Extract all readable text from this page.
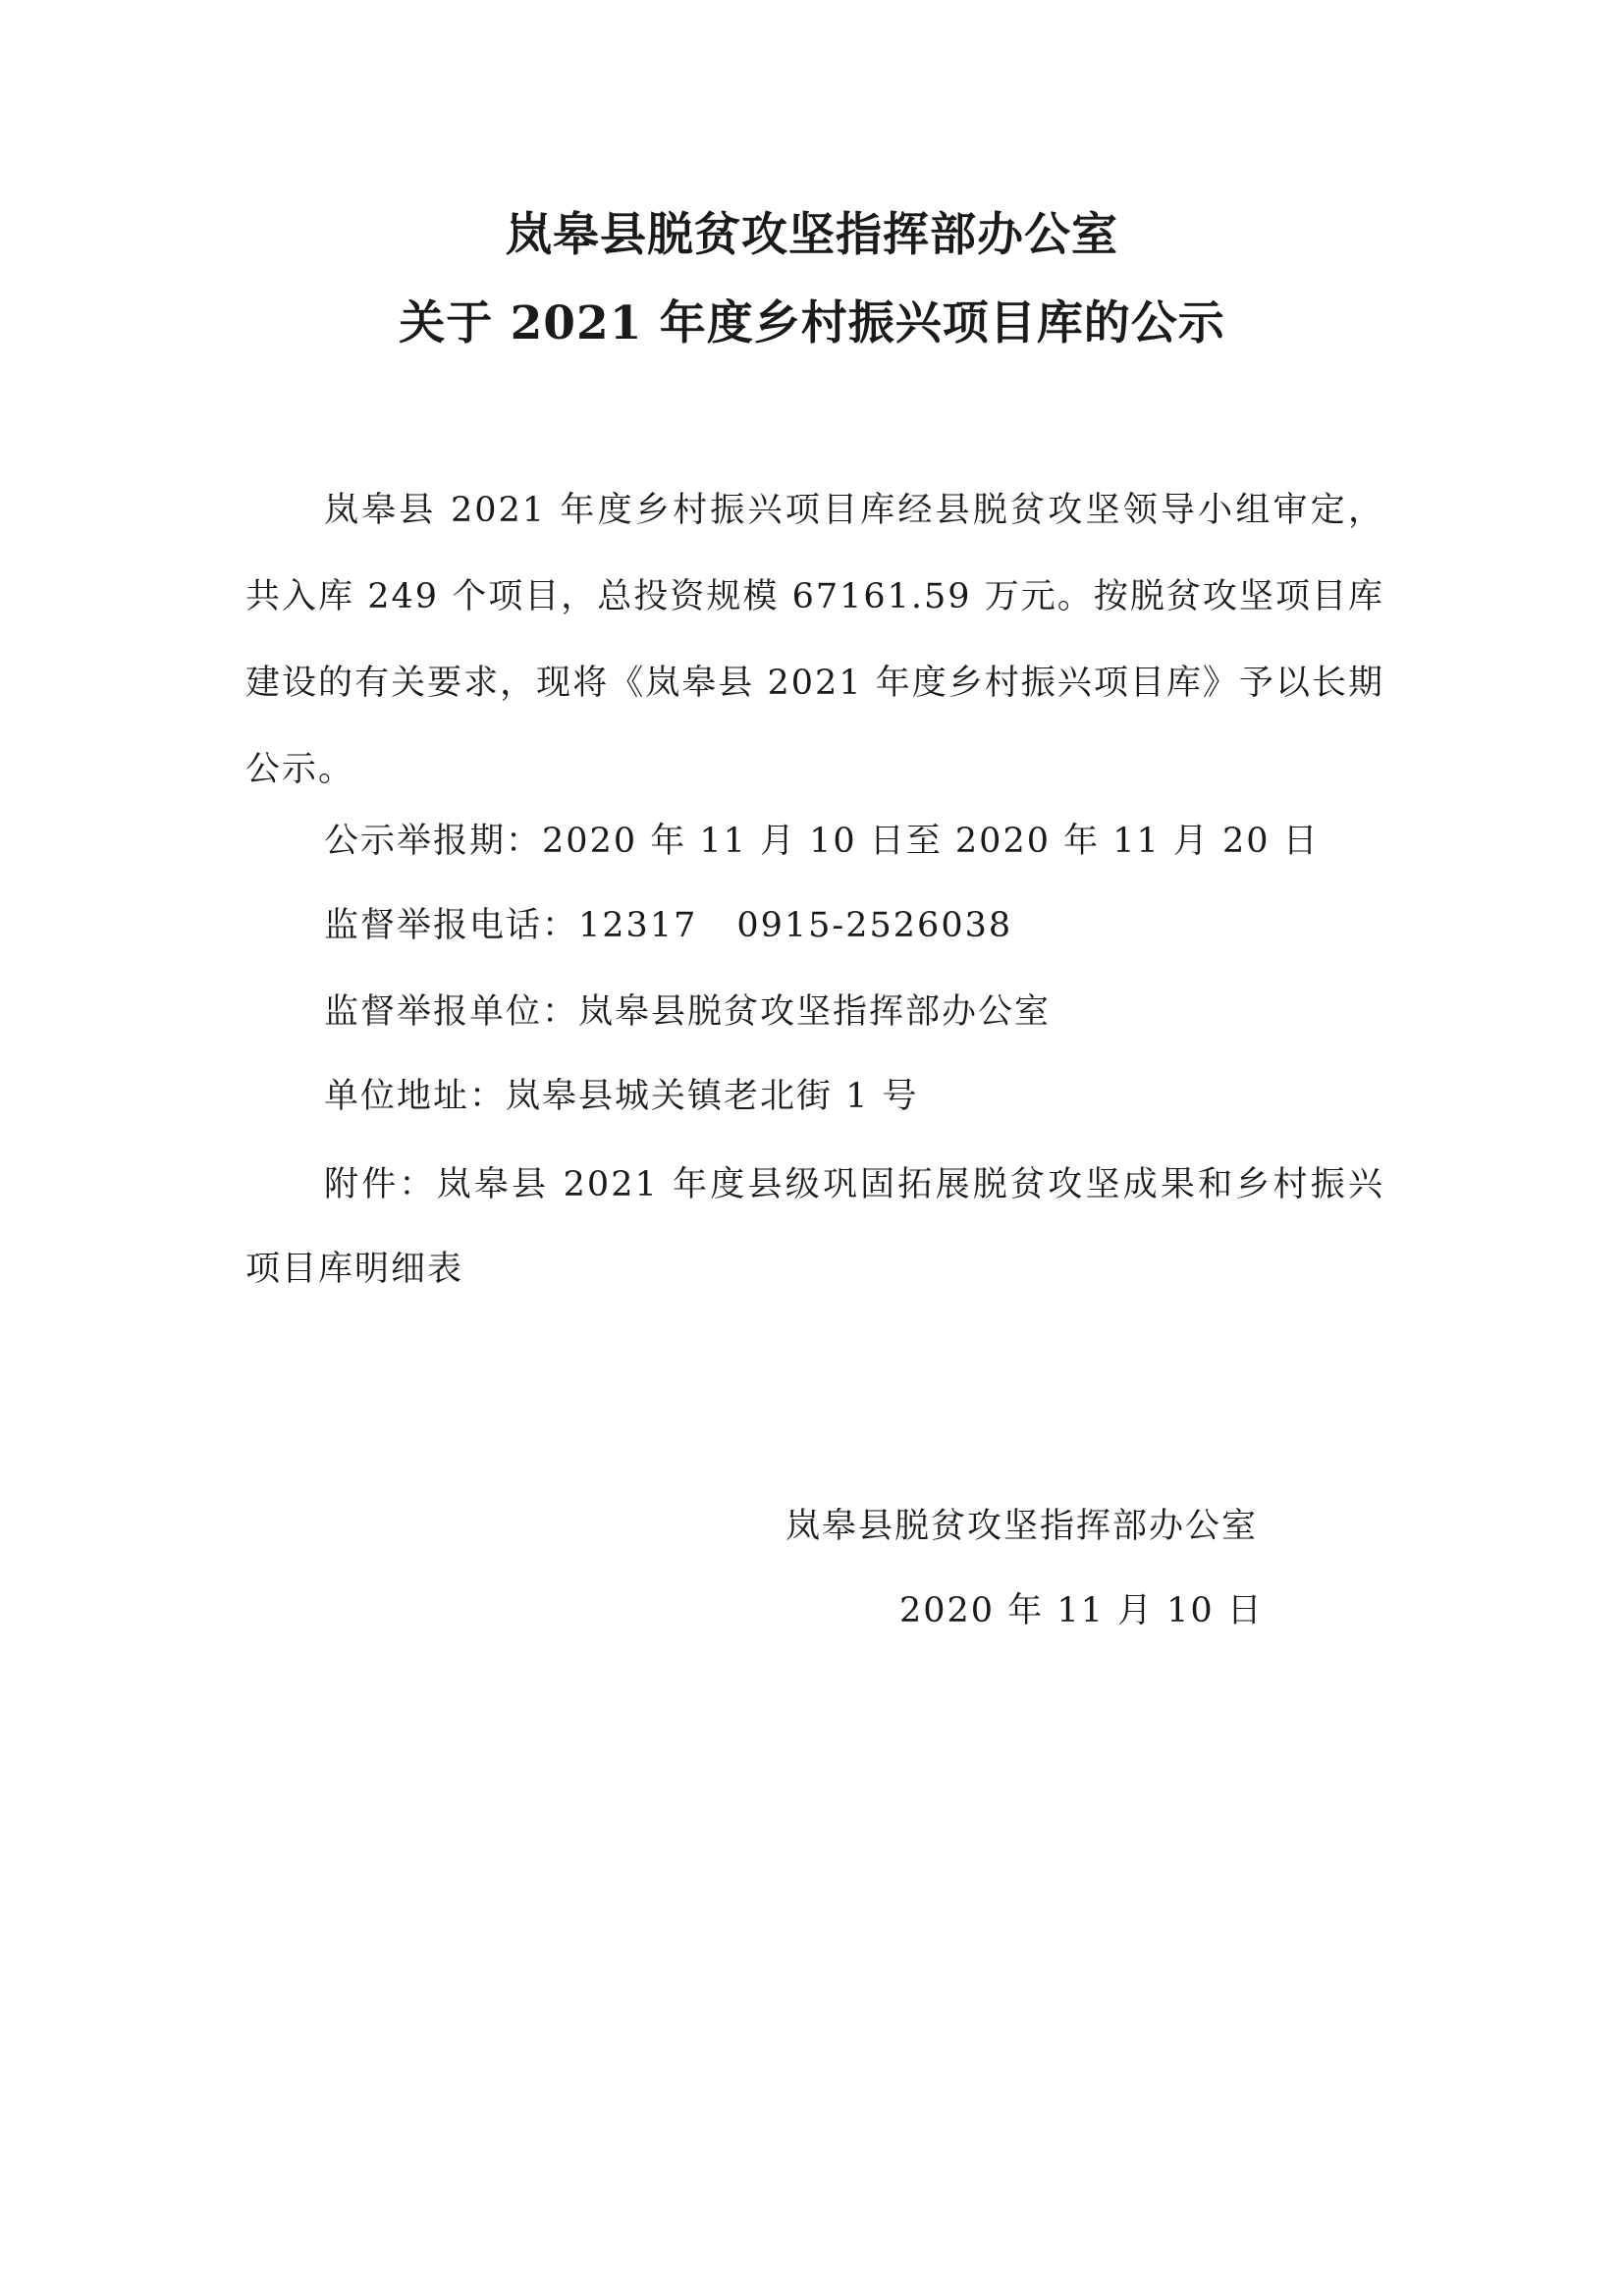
岚皋县脱贫攻坚指挥部办公室
关于 2021 年度乡村振兴项目库的公示

岚皋县 2021 年度乡村振兴项目库经县脱贫攻坚领导小组审定，共入库 249 个项目，总投资规模 67161.59 万元。按脱贫攻坚项目库建设的有关要求，现将《岚皋县 2021 年度乡村振兴项目库》予以长期公示。

公示举报期：2020 年 11 月 10 日至 2020 年 11 月 20 日

监督举报电话：12317 0915-2526038

监督举报单位：岚皋县脱贫攻坚指挥部办公室

单位地址：岚皋县城关镇老北街 1 号

附件：岚皋县 2021 年度县级巩固拓展脱贫攻坚成果和乡村振兴项目库明细表

岚皋县脱贫攻坚指挥部办公室

2020 年 11 月 10 日
